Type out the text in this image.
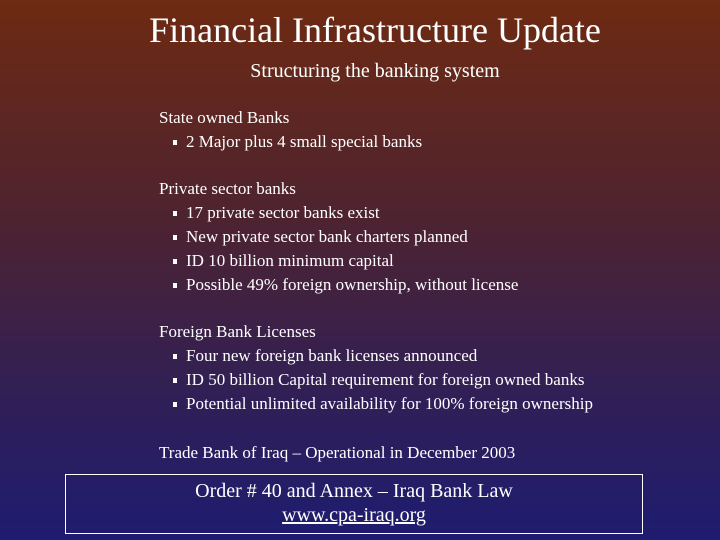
Financial Infrastructure Update
Structuring the banking system
State owned Banks
2 Major plus 4 small special banks
Private sector banks
17 private sector banks exist
New private sector bank charters planned
ID 10 billion minimum capital
Possible 49% foreign ownership, without license
Foreign Bank Licenses
Four new foreign bank licenses announced
ID 50 billion Capital requirement for foreign owned banks
Potential unlimited availability for 100% foreign ownership
Trade Bank of Iraq – Operational in December 2003
Order # 40 and Annex – Iraq Bank Law
www.cpa-iraq.org
